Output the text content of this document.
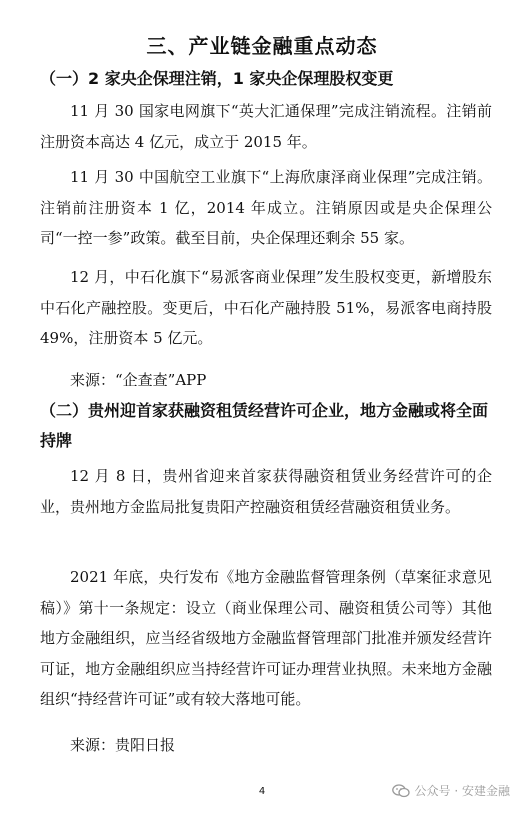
三、产业链金融重点动态
（一）2 家央企保理注销，1 家央企保理股权变更
11 月 30 国家电网旗下“英大汇通保理”完成注销流程。注销前注册资本高达 4 亿元，成立于 2015 年。
11 月 30 中国航空工业旗下“上海欣康泽商业保理”完成注销。注销前注册资本 1 亿，2014 年成立。注销原因或是央企保理公司“一控一参”政策。截至目前，央企保理还剩余 55 家。
12 月，中石化旗下“易派客商业保理”发生股权变更，新增股东中石化产融控股。变更后，中石化产融持股 51%，易派客电商持股 49%，注册资本 5 亿元。
来源：“企查查”APP
（二）贵州迎首家获融资租赁经营许可企业，地方金融或将全面持牌
12 月 8 日，贵州省迎来首家获得融资租赁业务经营许可的企业，贵州地方金监局批复贵阳产控融资租赁经营融资租赁业务。
2021 年底，央行发布《地方金融监督管理条例（草案征求意见稿）》第十一条规定：设立（商业保理公司、融资租赁公司等）其他地方金融组织，应当经省级地方金融监督管理部门批准并颁发经营许可证，地方金融组织应当持经营许可证办理营业执照。未来地方金融组织“持经营许可证”或有较大落地可能。
来源：贵阳日报
4	公众号 · 安建金融
